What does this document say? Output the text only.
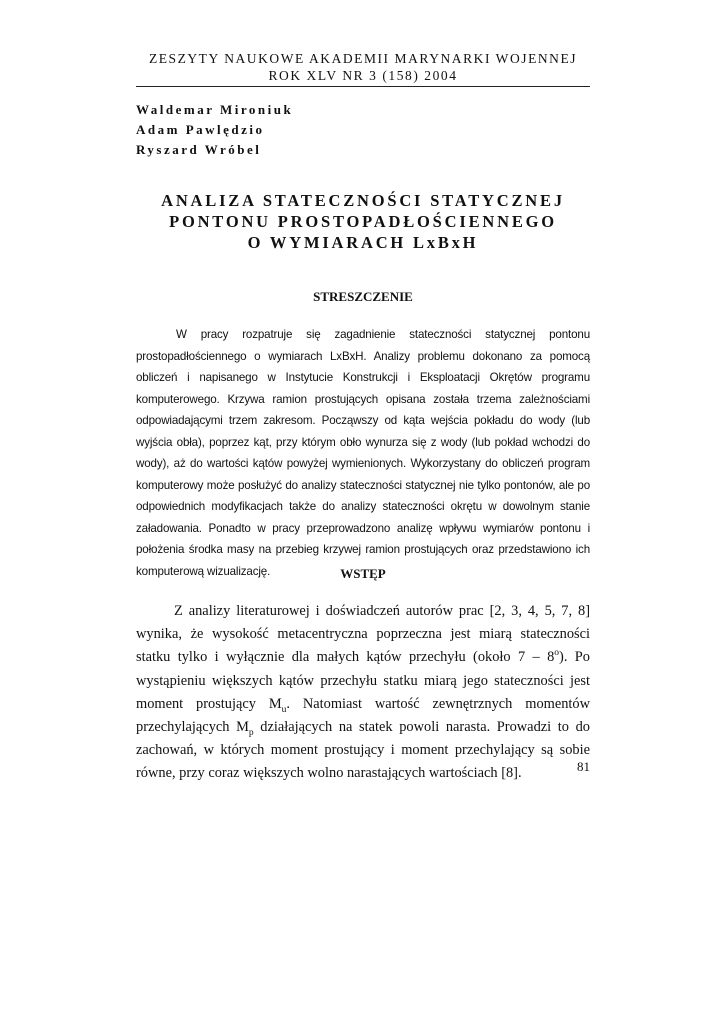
ZESZYTY NAUKOWE AKADEMII MARYNARKI WOJENNEJ
ROK XLV NR 3 (158) 2004
Waldemar Mironiuk
Adam Pawlędzio
Ryszard Wróbel
ANALIZA STATECZNOŚCI STATYCZNEJ
PONTONU PROSTOPADŁOŚCIENNEGO
O WYMIARACH LxBxH
STRESZCZENIE

W pracy rozpatruje się zagadnienie stateczności statycznej pontonu prostopadłościennego o wymiarach LxBxH. Analizy problemu dokonano za pomocą obliczeń i napisanego w Instytucie Konstrukcji i Eksploatacji Okrętów programu komputerowego. Krzywa ramion prostujących opisana została trzema zależnościami odpowiadającymi trzem zakresom. Począwszy od kąta wejścia pokładu do wody (lub wyjścia obła), poprzez kąt, przy którym obło wynurza się z wody (lub pokład wchodzi do wody), aż do wartości kątów powyżej wymienionych. Wykorzystany do obliczeń program komputerowy może posłużyć do analizy stateczności statycznej nie tylko pontonów, ale po odpowiednich modyfikacjach także do analizy stateczności okrętu w dowolnym stanie załadowania. Ponadto w pracy przeprowadzono analizę wpływu wymiarów pontonu i położenia środka masy na przebieg krzywej ramion prostujących oraz przedstawiono ich komputerową wizualizację.	WSTĘP

Z analizy literaturowej i doświadczeń autorów prac [2, 3, 4, 5, 7, 8] wynika, że wysokość metacentryczna poprzeczna jest miarą stateczności statku tylko i wyłącznie dla małych kątów przechyłu (około 7 – 8$^o$). Po wystąpieniu większych kątów przechyłu statku miarą jego stateczności jest moment prostujący $M_u$. Natomiast wartość zewnętrznych momentów przechylających $M_p$ działających na statek powoli narasta. Prowadzi to do zachowań, w których moment prostujący i moment przechylający są sobie równe, przy coraz większych wolno narastających wartościach [8].	81
